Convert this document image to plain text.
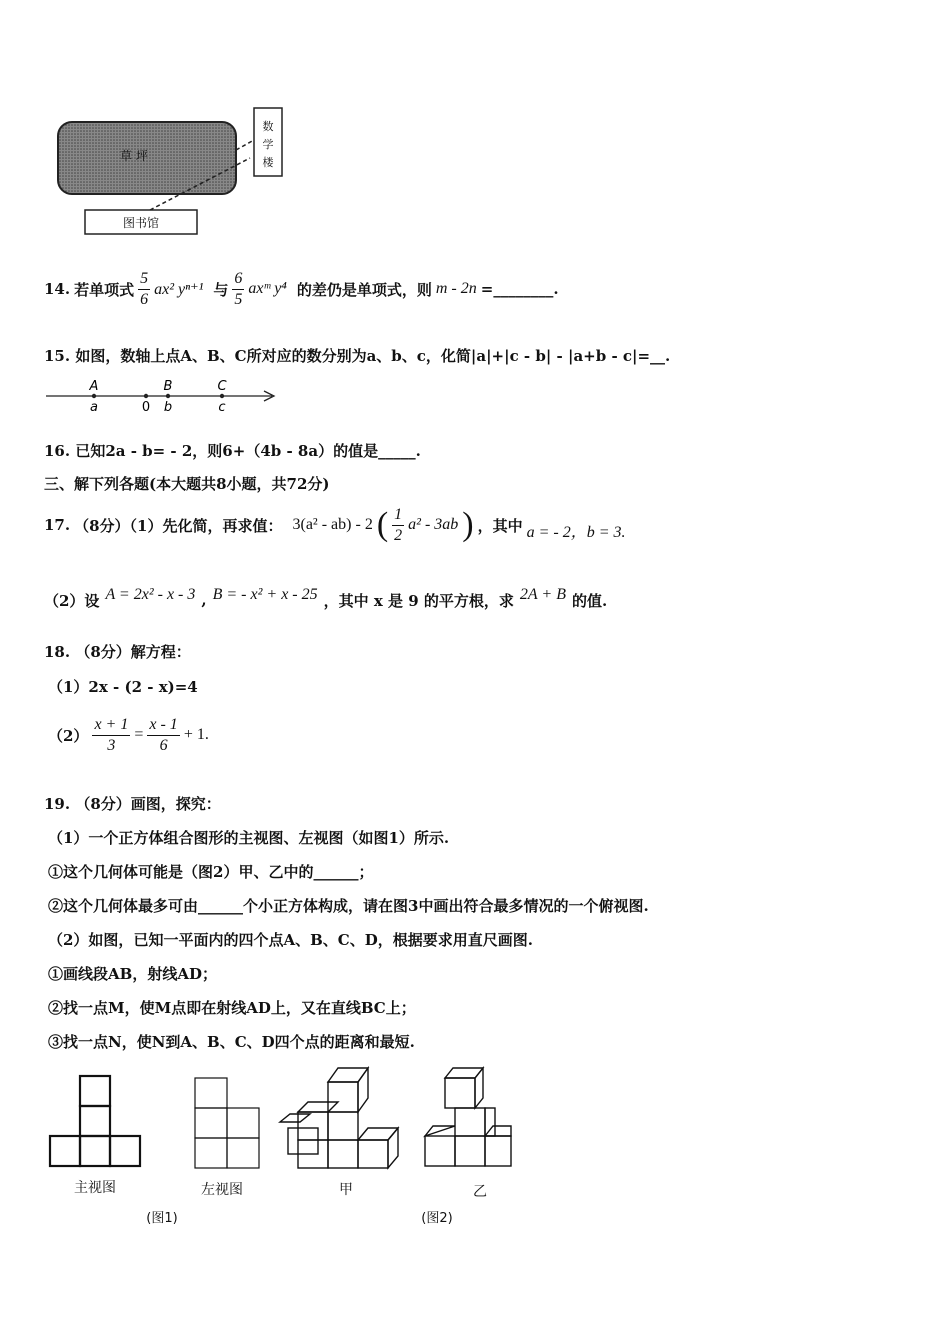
草 坪
数学楼
图书馆
14. 若单项式 $\frac{5}{6} ax^2$ yⁿ⁺¹ 与 $\frac{6}{5}$ axᵐ y⁴ 的差仍是单项式，则 m - 2n =________.
15. 如图，数轴上点A、B、C所对应的数分别为a、b、c，化简|a|+|c - b| - |a+b - c|=__.
A
a	0
B
b
C
c
16. 已知2a - b= - 2，则6+（4b - 8a）的值是_____.
三、解下列各题(本大题共8小题，共72分)
17. （8分）（1）先化简，再求值： 3(a² - ab) - 2 ( $\frac{1}{2} a^2 - 3ab$ ) ，其中 a = - 2，b = 3.
（2）设 A = 2x² - x - 3 , B = - x² + x - 25 ，其中 x 是 9 的平方根，求 2A + B 的值.
18. （8分）解方程：
（1）2x - (2 - x)=4
$(2) \frac{x + 1}{3} = \frac{x - 1}{6} + 1$.
19. （8分）画图，探究：
（1）一个正方体组合图形的主视图、左视图（如图1）所示.
①这个几何体可能是（图2）甲、乙中的______；
②这个几何体最多可由______个小正方体构成，请在图3中画出符合最多情况的一个俯视图.
（2）如图，已知一平面内的四个点A、B、C、D，根据要求用直尺画图.
①画线段AB，射线AD；
②找一点M，使M点即在射线AD上，又在直线BC上；
③找一点N，使N到A、B、C、D四个点的距离和最短.
主视图	左视图	甲	乙
(图1)	(图2)
